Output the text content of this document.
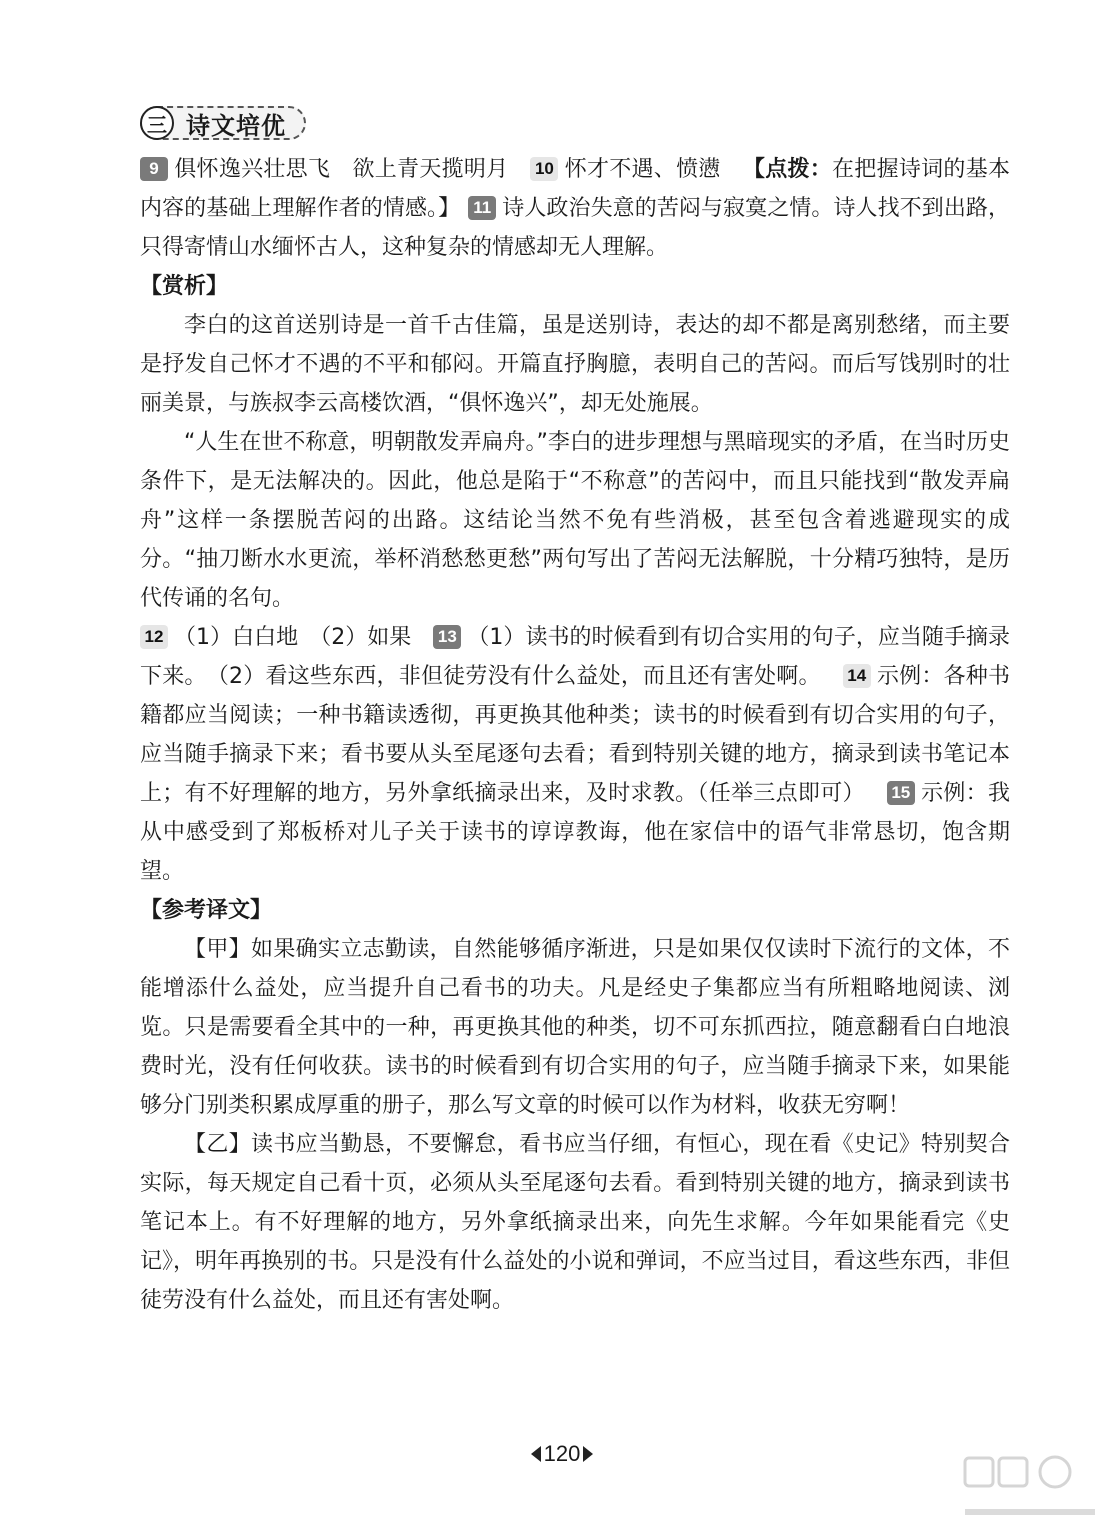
三 诗文培优

9 俱怀逸兴壮思飞　欲上青天揽明月 10 怀才不遇、愤懑 【点拨：在把握诗词的基本内容的基础上理解作者的情感。】 11 诗人政治失意的苦闷与寂寞之情。诗人找不到出路，只得寄情山水缅怀古人，这种复杂的情感却无人理解。

【赏析】

李白的这首送别诗是一首千古佳篇，虽是送别诗，表达的却不都是离别愁绪，而主要是抒发自己怀才不遇的不平和郁闷。开篇直抒胸臆，表明自己的苦闷。而后写饯别时的壮丽美景，与族叔李云高楼饮酒，“俱怀逸兴”，却无处施展。

“人生在世不称意，明朝散发弄扁舟。”李白的进步理想与黑暗现实的矛盾，在当时历史条件下，是无法解决的。因此，他总是陷于“不称意”的苦闷中，而且只能找到“散发弄扁舟”这样一条摆脱苦闷的出路。这结论当然不免有些消极，甚至包含着逃避现实的成分。“抽刀断水水更流，举杯消愁愁更愁”两句写出了苦闷无法解脱，十分精巧独特，是历代传诵的名句。

12 （1）白白地　（2）如果 13 （1）读书的时候看到有切合实用的句子，应当随手摘录下来。　（2）看这些东西，非但徒劳没有什么益处，而且还有害处啊。 14 示例：各种书籍都应当阅读；一种书籍读透彻，再更换其他种类；读书的时候看到有切合实用的句子，应当随手摘录下来；看书要从头至尾逐句去看；看到特别关键的地方，摘录到读书笔记本上；有不好理解的地方，另外拿纸摘录出来，及时求教。（任举三点即可） 15 示例：我从中感受到了郑板桥对儿子关于读书的谆谆教诲，他在家信中的语气非常恳切，饱含期望。

【参考译文】

【甲】如果确实立志勤读，自然能够循序渐进，只是如果仅仅读时下流行的文体，不能增添什么益处，应当提升自己看书的功夫。凡是经史子集都应当有所粗略地阅读、浏览。只是需要看全其中的一种，再更换其他的种类，切不可东抓西拉，随意翻看白白地浪费时光，没有任何收获。读书的时候看到有切合实用的句子，应当随手摘录下来，如果能够分门别类积累成厚重的册子，那么写文章的时候可以作为材料，收获无穷啊！

【乙】读书应当勤恳，不要懈怠，看书应当仔细，有恒心，现在看《史记》特别契合实际，每天规定自己看十页，必须从头至尾逐句去看。看到特别关键的地方，摘录到读书笔记本上。有不好理解的地方，另外拿纸摘录出来，向先生求解。今年如果能看完《史记》，明年再换别的书。只是没有什么益处的小说和弹词，不应当过目，看这些东西，非但徒劳没有什么益处，而且还有害处啊。

120
